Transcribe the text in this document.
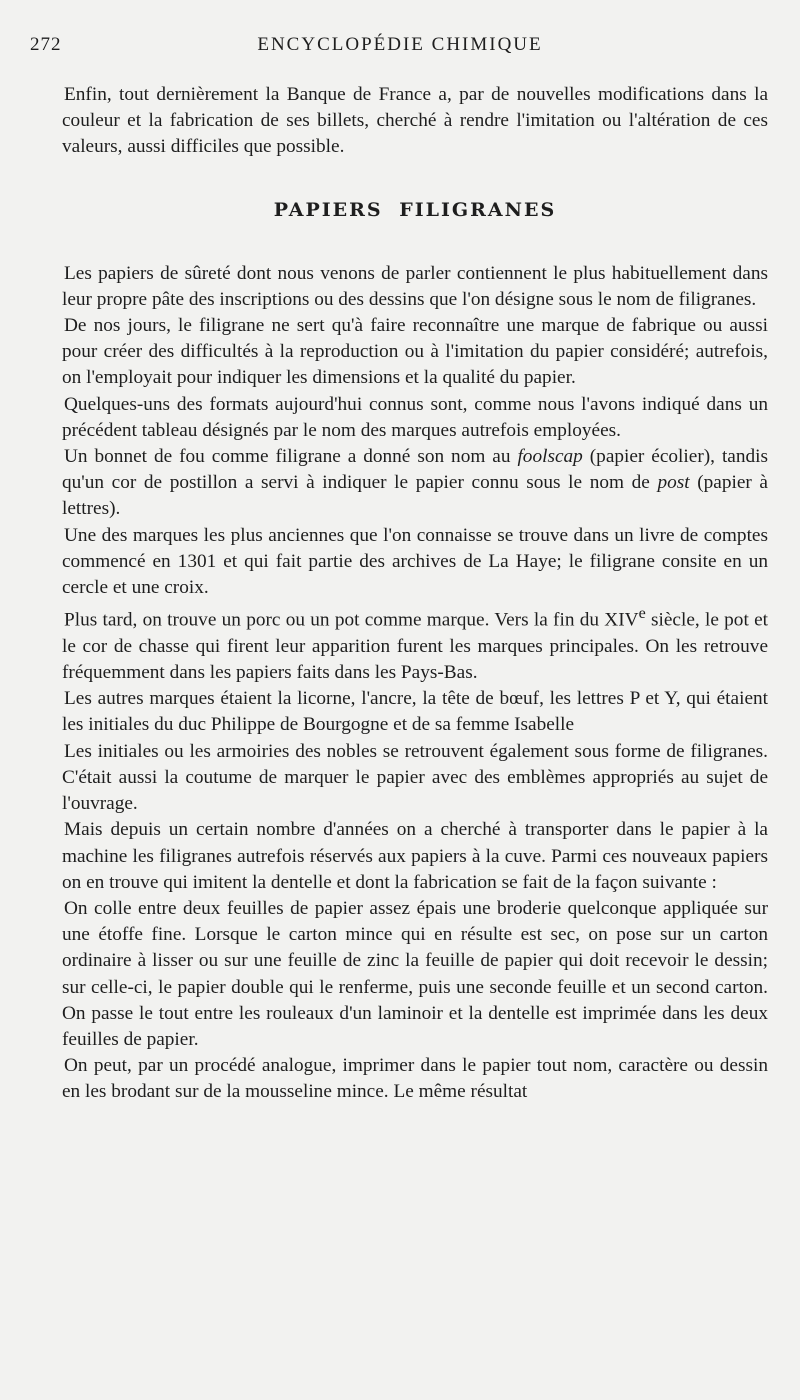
272	ENCYCLOPÉDIE CHIMIQUE

Enfin, tout dernièrement la Banque de France a, par de nouvelles modifications dans la couleur et la fabrication de ses billets, cherché à rendre l'imitation ou l'altération de ces valeurs, aussi difficiles que possible.

PAPIERS FILIGRANES

Les papiers de sûreté dont nous venons de parler contiennent le plus habituellement dans leur propre pâte des inscriptions ou des dessins que l'on désigne sous le nom de filigranes.

De nos jours, le filigrane ne sert qu'à faire reconnaître une marque de fabrique ou aussi pour créer des difficultés à la reproduction ou à l'imitation du papier considéré; autrefois, on l'employait pour indiquer les dimensions et la qualité du papier.

Quelques-uns des formats aujourd'hui connus sont, comme nous l'avons indiqué dans un précédent tableau désignés par le nom des marques autrefois employées.

Un bonnet de fou comme filigrane a donné son nom au foolscap (papier écolier), tandis qu'un cor de postillon a servi à indiquer le papier connu sous le nom de post (papier à lettres).

Une des marques les plus anciennes que l'on connaisse se trouve dans un livre de comptes commencé en 1301 et qui fait partie des archives de La Haye; le filigrane consite en un cercle et une croix.

Plus tard, on trouve un porc ou un pot comme marque. Vers la fin du XIVe siècle, le pot et le cor de chasse qui firent leur apparition furent les marques principales. On les retrouve fréquemment dans les papiers faits dans les Pays-Bas.

Les autres marques étaient la licorne, l'ancre, la tête de bœuf, les lettres P et Y, qui étaient les initiales du duc Philippe de Bourgogne et de sa femme Isabelle

Les initiales ou les armoiries des nobles se retrouvent également sous forme de filigranes. C'était aussi la coutume de marquer le papier avec des emblèmes appropriés au sujet de l'ouvrage.

Mais depuis un certain nombre d'années on a cherché à transporter dans le papier à la machine les filigranes autrefois réservés aux papiers à la cuve. Parmi ces nouveaux papiers on en trouve qui imitent la dentelle et dont la fabrication se fait de la façon suivante :

On colle entre deux feuilles de papier assez épais une broderie quelconque appliquée sur une étoffe fine. Lorsque le carton mince qui en résulte est sec, on pose sur un carton ordinaire à lisser ou sur une feuille de zinc la feuille de papier qui doit recevoir le dessin; sur celle-ci, le papier double qui le renferme, puis une seconde feuille et un second carton. On passe le tout entre les rouleaux d'un laminoir et la dentelle est imprimée dans les deux feuilles de papier.

On peut, par un procédé analogue, imprimer dans le papier tout nom, caractère ou dessin en les brodant sur de la mousseline mince. Le même résultat
